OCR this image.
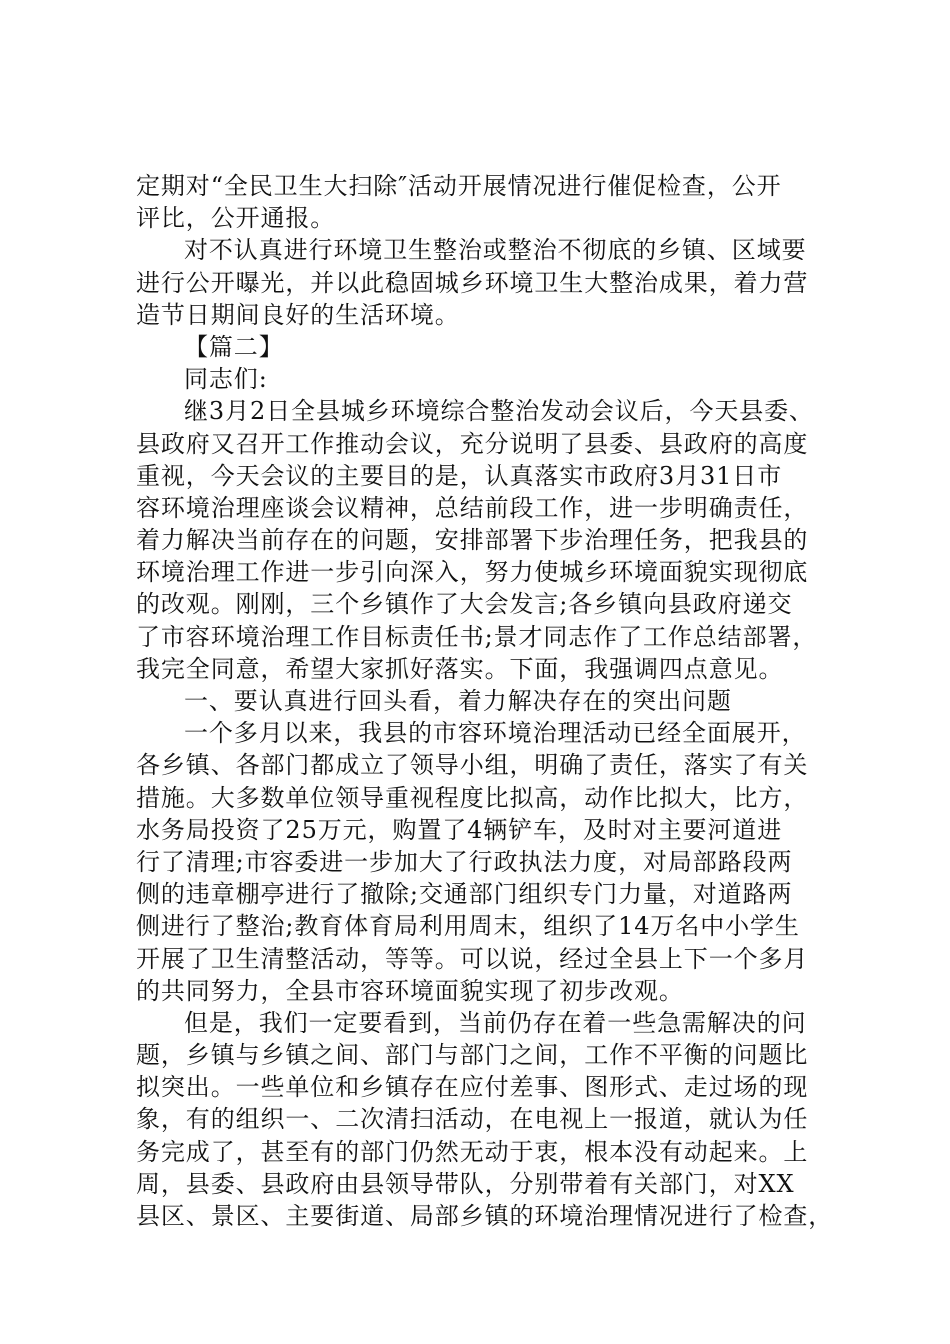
定期对“全民卫生大扫除″活动开展情况进行催促检查，公开
评比，公开通报。
对不认真进行环境卫生整治或整治不彻底的乡镇、区域要
进行公开曝光，并以此稳固城乡环境卫生大整治成果，着力营
造节日期间良好的生活环境。
【篇二】
同志们:
继3月2日全县城乡环境综合整治发动会议后，今天县委、
县政府又召开工作推动会议，充分说明了县委、县政府的高度
重视，今天会议的主要目的是，认真落实市政府3月31日市
容环境治理座谈会议精神，总结前段工作，进一步明确责任，
着力解决当前存在的问题，安排部署下步治理任务，把我县的
环境治理工作进一步引向深入，努力使城乡环境面貌实现彻底
的改观。刚刚，三个乡镇作了大会发言;各乡镇向县政府递交
了市容环境治理工作目标责任书;景才同志作了工作总结部署，
我完全同意，希望大家抓好落实。下面，我强调四点意见。
一、要认真进行回头看，着力解决存在的突出问题
一个多月以来，我县的市容环境治理活动已经全面展开，
各乡镇、各部门都成立了领导小组，明确了责任，落实了有关
措施。大多数单位领导重视程度比拟高，动作比拟大，比方，
水务局投资了25万元，购置了4辆铲车，及时对主要河道进
行了清理;市容委进一步加大了行政执法力度，对局部路段两
侧的违章棚亭进行了撤除;交通部门组织专门力量，对道路两
侧进行了整治;教育体育局利用周末，组织了14万名中小学生
开展了卫生清整活动，等等。可以说，经过全县上下一个多月
的共同努力，全县市容环境面貌实现了初步改观。
但是，我们一定要看到，当前仍存在着一些急需解决的问
题，乡镇与乡镇之间、部门与部门之间，工作不平衡的问题比
拟突出。一些单位和乡镇存在应付差事、图形式、走过场的现
象，有的组织一、二次清扫活动，在电视上一报道，就认为任
务完成了，甚至有的部门仍然无动于衷，根本没有动起来。上
周，县委、县政府由县领导带队，分别带着有关部门，对XX
县区、景区、主要街道、局部乡镇的环境治理情况进行了检查，
